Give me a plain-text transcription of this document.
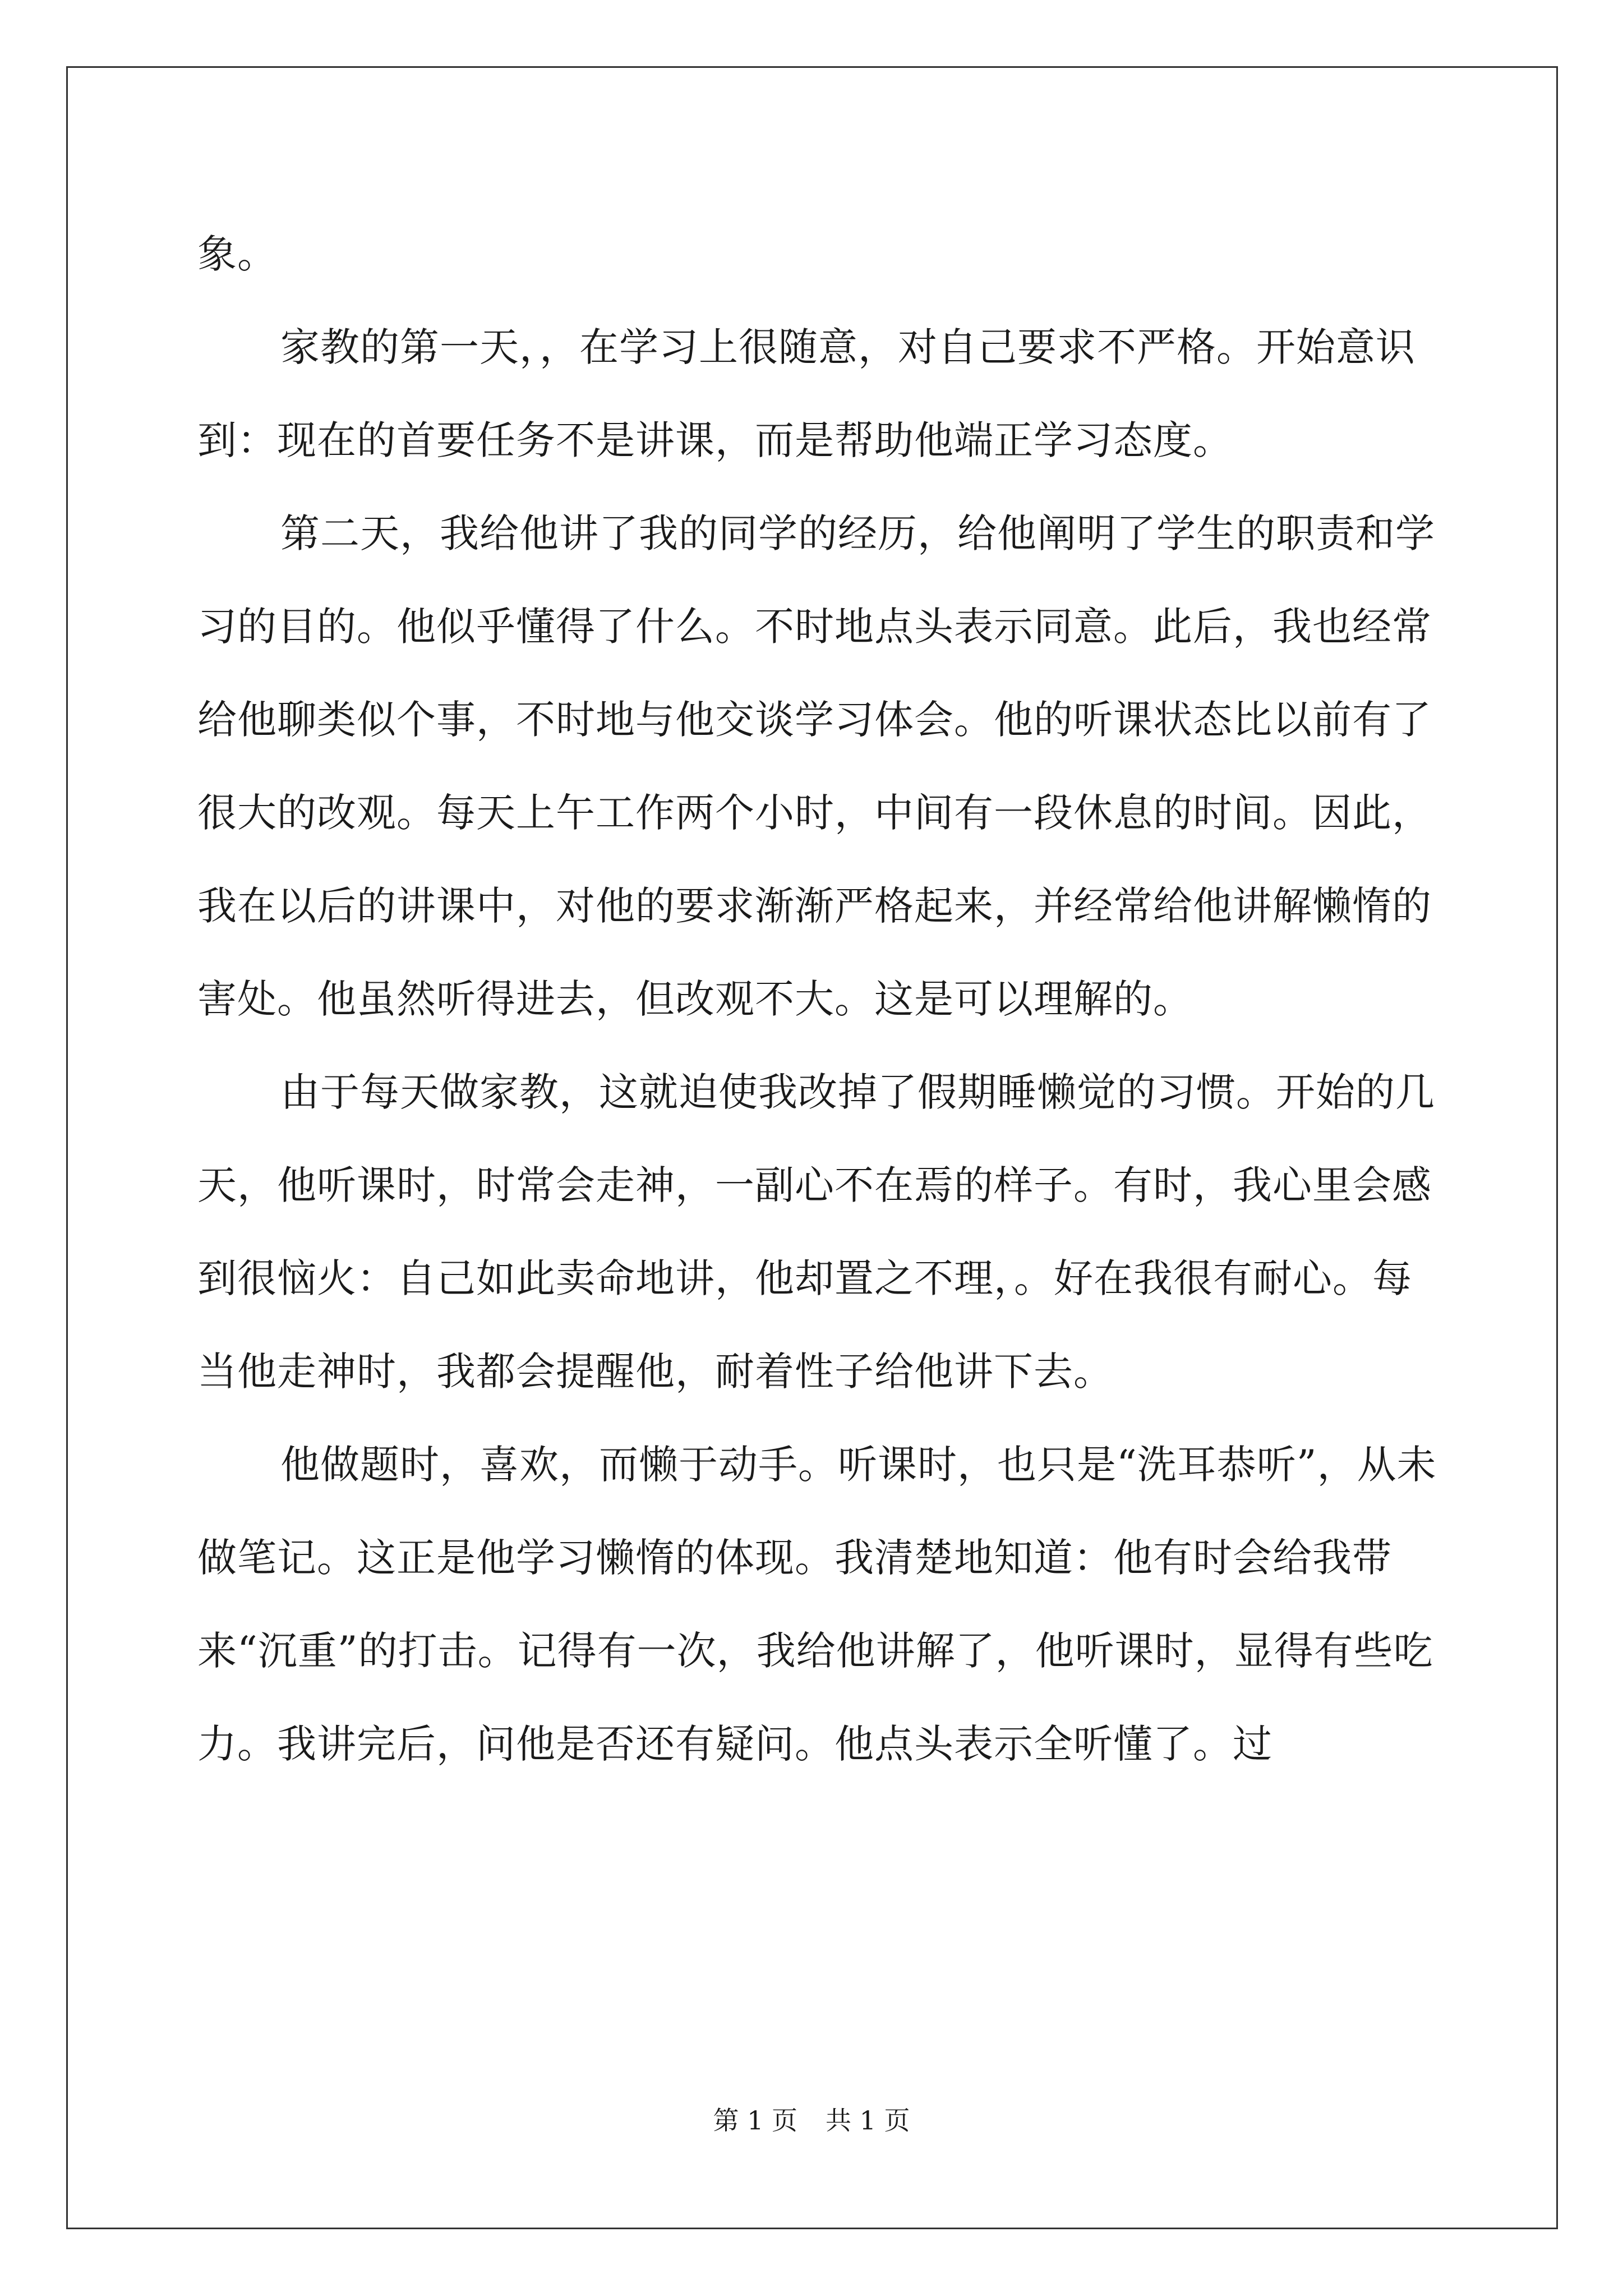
象。

家教的第一天，，在学习上很随意，对自己要求不严格。开始意识到：现在的首要任务不是讲课，而是帮助他端正学习态度。

第二天，我给他讲了我的同学的经历，给他阐明了学生的职责和学习的目的。他似乎懂得了什么。不时地点头表示同意。此后，我也经常给他聊类似个事，不时地与他交谈学习体会。他的听课状态比以前有了很大的改观。每天上午工作两个小时，中间有一段休息的时间。因此，我在以后的讲课中，对他的要求渐渐严格起来，并经常给他讲解懒惰的害处。他虽然听得进去，但改观不大。这是可以理解的。

由于每天做家教，这就迫使我改掉了假期睡懒觉的习惯。开始的几天，他听课时，时常会走神，一副心不在焉的样子。有时，我心里会感到很恼火：自己如此卖命地讲，他却置之不理，。好在我很有耐心。每当他走神时，我都会提醒他，耐着性子给他讲下去。

他做题时，喜欢，而懒于动手。听课时，也只是“洗耳恭听”，从未做笔记。这正是他学习懒惰的体现。我清楚地知道：他有时会给我带来“沉重”的打击。记得有一次，我给他讲解了，他听课时，显得有些吃力。我讲完后，问他是否还有疑问。他点头表示全听懂了。过

第 1 页 共 1 页
